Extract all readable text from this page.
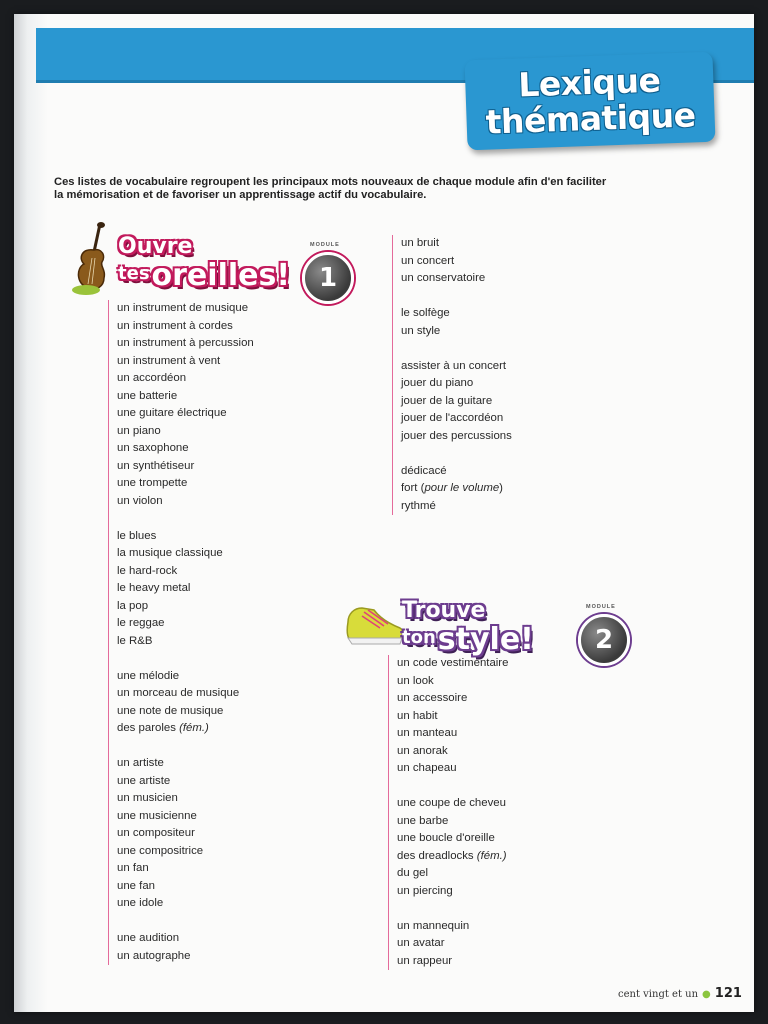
Lexique
thématique
Ces listes de vocabulaire regroupent les principaux mots nouveaux de chaque module afin d'en faciliter
la mémorisation et de favoriser un apprentissage actif du vocabulaire.
Ouvre
$^{tes}$oreilles!
MODULE
1
Trouve
$^{ton}$style!
MODULE
2
un instrument de musique
un instrument à cordes
un instrument à percussion
un instrument à vent
un accordéon
une batterie
une guitare électrique
un piano
un saxophone
un synthétiseur
une trompette
un violon
le blues
la musique classique
le hard-rock
le heavy metal
la pop
le reggae
le R&B
une mélodie
un morceau de musique
une note de musique
des paroles (fém.)
un artiste
une artiste
un musicien
une musicienne
un compositeur
une compositrice
un fan
une fan
une idole
une audition
un autographe
un bruit
un concert
un conservatoire
le solfège
un style
assister à un concert
jouer du piano
jouer de la guitare
jouer de l'accordéon
jouer des percussions
dédicacé
fort (pour le volume)
rythmé
un code vestimentaire
un look
un accessoire
un habit
un manteau
un anorak
un chapeau
une coupe de cheveu
une barbe
une boucle d'oreille
des dreadlocks (fém.)
du gel
un piercing
un mannequin
un avatar
un rappeur
cent vingt et un ● 121
